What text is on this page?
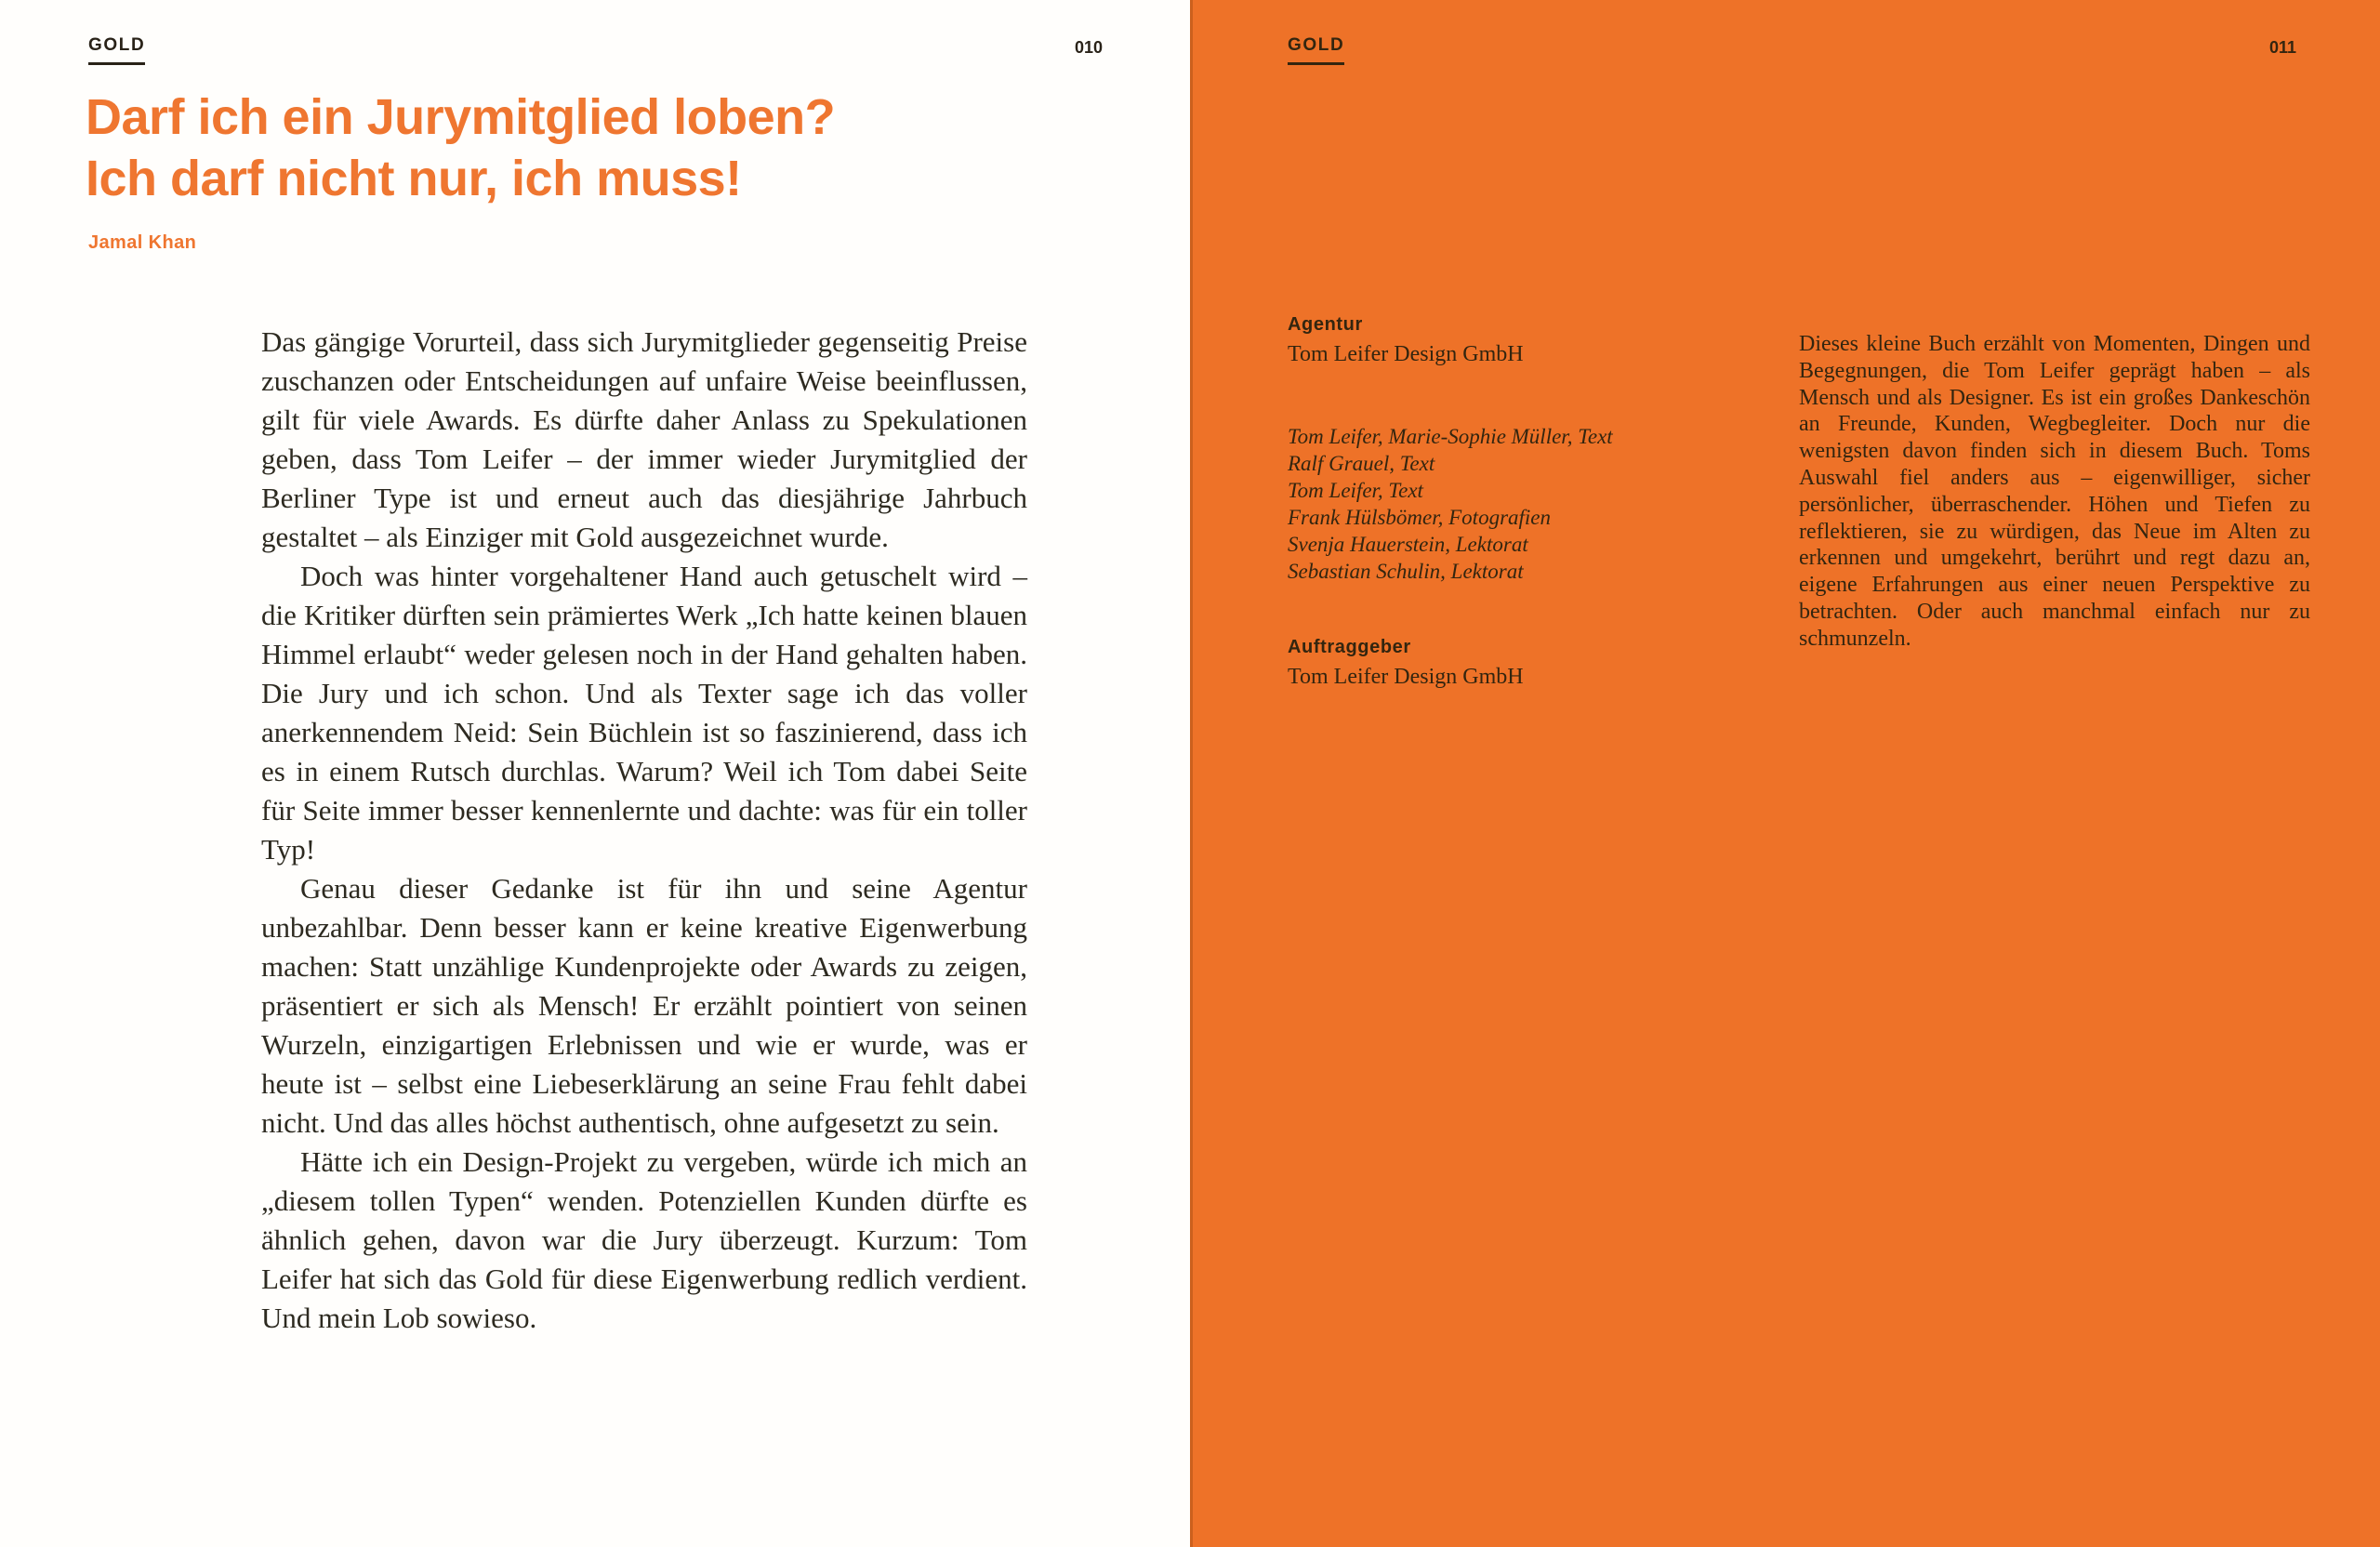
GOLD	010
Darf ich ein Jurymitglied loben?
Ich darf nicht nur, ich muss!
Jamal Khan

Das gängige Vorurteil, dass sich Jurymitglieder gegenseitig Preise zuschanzen oder Entscheidungen auf unfaire Weise beeinflussen, gilt für viele Awards. Es dürfte daher Anlass zu Spekulationen geben, dass Tom Leifer – der immer wieder Jurymitglied der Berliner Type ist und erneut auch das diesjährige Jahrbuch gestaltet – als Einziger mit Gold ausgezeichnet wurde.

Doch was hinter vorgehaltener Hand auch getuschelt wird – die Kritiker dürften sein prämiertes Werk „Ich hatte keinen blauen Himmel erlaubt“ weder gelesen noch in der Hand gehalten haben. Die Jury und ich schon. Und als Texter sage ich das voller anerkennendem Neid: Sein Büchlein ist so faszinierend, dass ich es in einem Rutsch durchlas. Warum? Weil ich Tom dabei Seite für Seite immer besser kennenlernte und dachte: was für ein toller Typ!

Genau dieser Gedanke ist für ihn und seine Agentur unbezahlbar. Denn besser kann er keine kreative Eigenwerbung machen: Statt unzählige Kundenprojekte oder Awards zu zeigen, präsentiert er sich als Mensch! Er erzählt pointiert von seinen Wurzeln, einzigartigen Erlebnissen und wie er wurde, was er heute ist – selbst eine Liebeserklärung an seine Frau fehlt dabei nicht. Und das alles höchst authentisch, ohne aufgesetzt zu sein.

Hätte ich ein Design-Projekt zu vergeben, würde ich mich an „diesem tollen Typen“ wenden. Potenziellen Kunden dürfte es ähnlich gehen, davon war die Jury überzeugt. Kurzum: Tom Leifer hat sich das Gold für diese Eigenwerbung redlich verdient. Und mein Lob sowieso.

GOLD	011
Agentur
Tom Leifer Design GmbH
Tom Leifer, Marie-Sophie Müller, Text
Ralf Grauel, Text
Tom Leifer, Text
Frank Hülsbömer, Fotografien
Svenja Hauerstein, Lektorat
Sebastian Schulin, Lektorat
Auftraggeber
Tom Leifer Design GmbH
Dieses kleine Buch erzählt von Momenten, Dingen und Begegnungen, die Tom Leifer geprägt haben – als Mensch und als Designer. Es ist ein großes Dankeschön an Freunde, Kunden, Wegbegleiter. Doch nur die wenigsten davon finden sich in diesem Buch. Toms Auswahl fiel anders aus – eigenwilliger, sicher persönlicher, überraschender. Höhen und Tiefen zu reflektieren, sie zu würdigen, das Neue im Alten zu erkennen und umgekehrt, berührt und regt dazu an, eigene Erfahrungen aus einer neuen Perspektive zu betrachten. Oder auch manchmal einfach nur zu schmunzeln.
